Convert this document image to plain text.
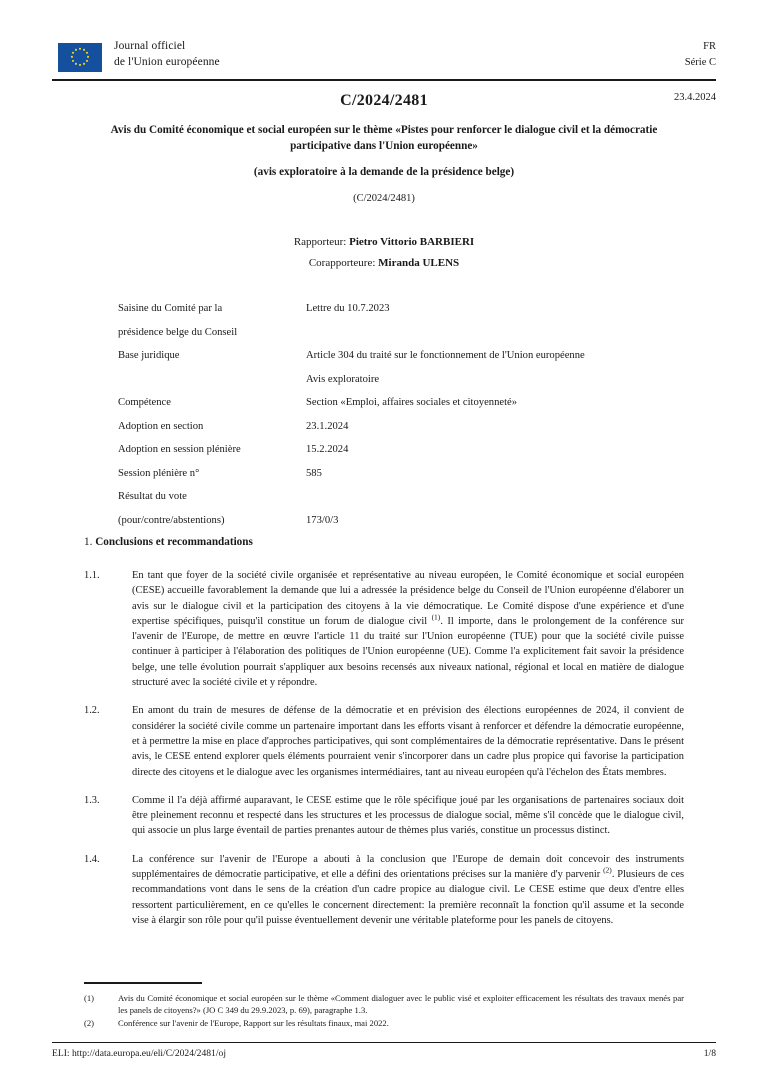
Journal officiel
de l'Union européenne
FR
Série C
C/2024/2481	23.4.2024
Avis du Comité économique et social européen sur le thème «Pistes pour renforcer le dialogue civil et la démocratie participative dans l'Union européenne»
(avis exploratoire à la demande de la présidence belge)
(C/2024/2481)
Rapporteur: Pietro Vittorio BARBIERI
Corapporteure: Miranda ULENS
Saisine du Comité par la	Lettre du 10.7.2023
présidence belge du Conseil
Base juridique	Article 304 du traité sur le fonctionnement de l'Union européenne
Avis exploratoire
Compétence	Section «Emploi, affaires sociales et citoyenneté»
Adoption en section	23.1.2024
Adoption en session plénière	15.2.2024
Session plénière n°	585
Résultat du vote
(pour/contre/abstentions)	173/0/3
1. Conclusions et recommandations
1.1.	En tant que foyer de la société civile organisée et représentative au niveau européen, le Comité économique et social européen (CESE) accueille favorablement la demande que lui a adressée la présidence belge du Conseil de l'Union européenne d'élaborer un avis sur le dialogue civil et la participation des citoyens à la vie démocratique. Le Comité dispose d'une expérience et d'une expertise spécifiques, puisqu'il constitue un forum de dialogue civil $^{(1)}$. Il importe, dans le prolongement de la conférence sur l'avenir de l'Europe, de mettre en œuvre l'article 11 du traité sur l'Union européenne (TUE) pour que la société civile puisse continuer à participer à l'élaboration des politiques de l'Union européenne (UE). Comme l'a explicitement fait savoir la présidence belge, une telle évolution pourrait s'appliquer aux besoins recensés aux niveaux national, régional et local en matière de dialogue structuré avec la société civile et y répondre.
1.2.	En amont du train de mesures de défense de la démocratie et en prévision des élections européennes de 2024, il convient de considérer la société civile comme un partenaire important dans les efforts visant à renforcer et défendre la démocratie européenne, et à permettre la mise en place d'approches participatives, qui sont complémentaires de la démocratie représentative. Dans le présent avis, le CESE entend explorer quels éléments pourraient venir s'incorporer dans un cadre plus propice qui favorise la participation directe des citoyens et le dialogue avec les organismes intermédiaires, tant au niveau européen qu'à l'échelon des États membres.
1.3.	Comme il l'a déjà affirmé auparavant, le CESE estime que le rôle spécifique joué par les organisations de partenaires sociaux doit être pleinement reconnu et respecté dans les structures et les processus de dialogue social, même s'il concède que le dialogue civil, qui associe un plus large éventail de parties prenantes autour de thèmes plus variés, constitue un processus distinct.
1.4.	La conférence sur l'avenir de l'Europe a abouti à la conclusion que l'Europe de demain doit concevoir des instruments supplémentaires de démocratie participative, et elle a défini des orientations précises sur la manière d'y parvenir $^{(2)}$. Plusieurs de ces recommandations vont dans le sens de la création d'un cadre propice au dialogue civil. Le CESE estime que deux d'entre elles ressortent particulièrement, en ce qu'elles le concernent directement: la première reconnaît la fonction qu'il assume et la seconde vise à élargir son rôle pour qu'il puisse éventuellement devenir une véritable plateforme pour les panels de citoyens.
(1)	Avis du Comité économique et social européen sur le thème «Comment dialoguer avec le public visé et exploiter efficacement les résultats des travaux menés par les panels de citoyens?» (JO C 349 du 29.9.2023, p. 69), paragraphe 1.3.
(2)	Conférence sur l'avenir de l'Europe, Rapport sur les résultats finaux, mai 2022.
ELI: http://data.europa.eu/eli/C/2024/2481/oj	1/8
